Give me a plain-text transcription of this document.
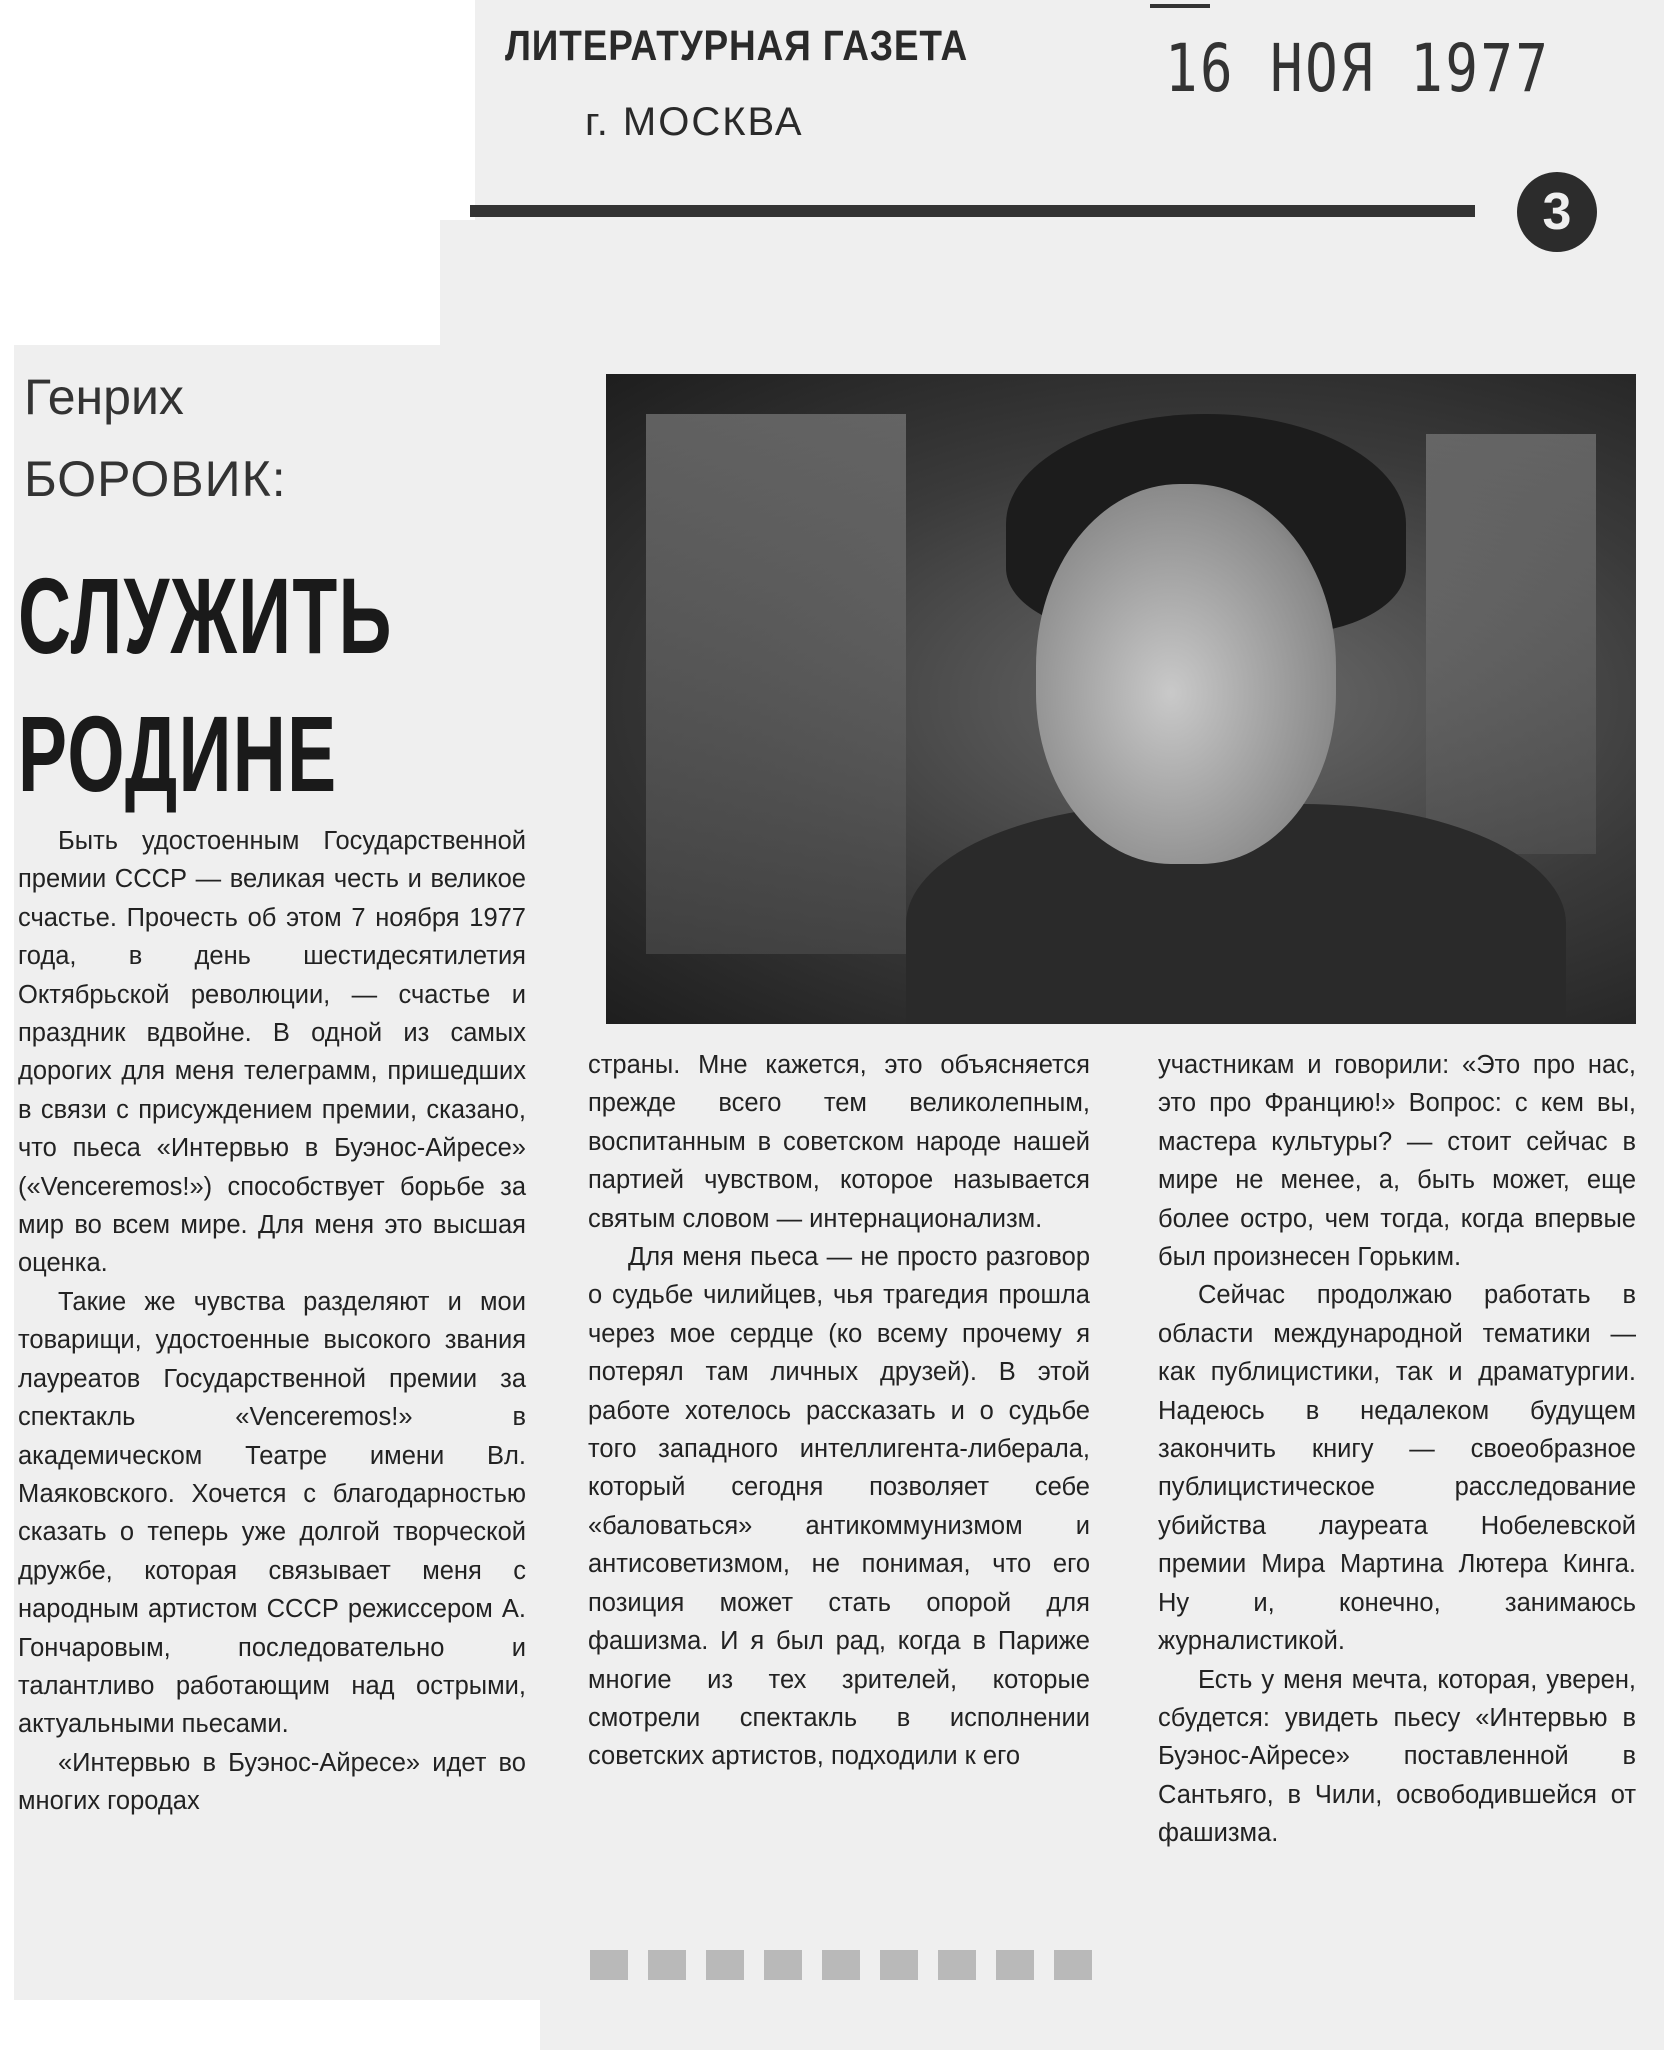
ЛИТЕРАТУРНАЯ ГАЗЕТА
г. МОСКВА
16 НОЯ 1977
3
Генрих
БОРОВИК:
СЛУЖИТЬ
РОДИНЕ

Быть удостоенным Государственной премии СССР — великая честь и великое счастье. Прочесть об этом 7 ноября 1977 года, в день шестидесятилетия Октябрьской революции, — счастье и праздник вдвойне. В одной из самых дорогих для меня телеграмм, пришедших в связи с присуждением премии, сказано, что пьеса «Интервью в Буэнос-Айресе» («Venceremos!») способствует борьбе за мир во всем мире. Для меня это высшая оценка.

Такие же чувства разделяют и мои товарищи, удостоенные высокого звания лауреатов Государственной премии за спектакль «Venceremos!» в академическом Театре имени Вл. Маяковского. Хочется с благодарностью сказать о теперь уже долгой творческой дружбе, которая связывает меня с народным артистом СССР режиссером А. Гончаровым, последовательно и талантливо работающим над острыми, актуальными пьесами.

«Интервью в Буэнос-Айресе» идет во многих городах

страны. Мне кажется, это объясняется прежде всего тем великолепным, воспитанным в советском народе нашей партией чувством, которое называется святым словом — интернационализм.

Для меня пьеса — не просто разговор о судьбе чилийцев, чья трагедия прошла через мое сердце (ко всему прочему я потерял там личных друзей). В этой работе хотелось рассказать и о судьбе того западного интеллигента-либерала, который сегодня позволяет себе «баловаться» антикоммунизмом и антисоветизмом, не понимая, что его позиция может стать опорой для фашизма. И я был рад, когда в Париже многие из тех зрителей, которые смотрели спектакль в исполнении советских артистов, подходили к его

участникам и говорили: «Это про нас, это про Францию!» Вопрос: с кем вы, мастера культуры? — стоит сейчас в мире не менее, а, быть может, еще более остро, чем тогда, когда впервые был произнесен Горьким.

Сейчас продолжаю работать в области международной тематики — как публицистики, так и драматургии. Надеюсь в недалеком будущем закончить книгу — своеобразное публицистическое расследование убийства лауреата Нобелевской премии Мира Мартина Лютера Кинга. Ну и, конечно, занимаюсь журналистикой.

Есть у меня мечта, которая, уверен, сбудется: увидеть пьесу «Интервью в Буэнос-Айресе» поставленной в Сантьяго, в Чили, освободившейся от фашизма.
